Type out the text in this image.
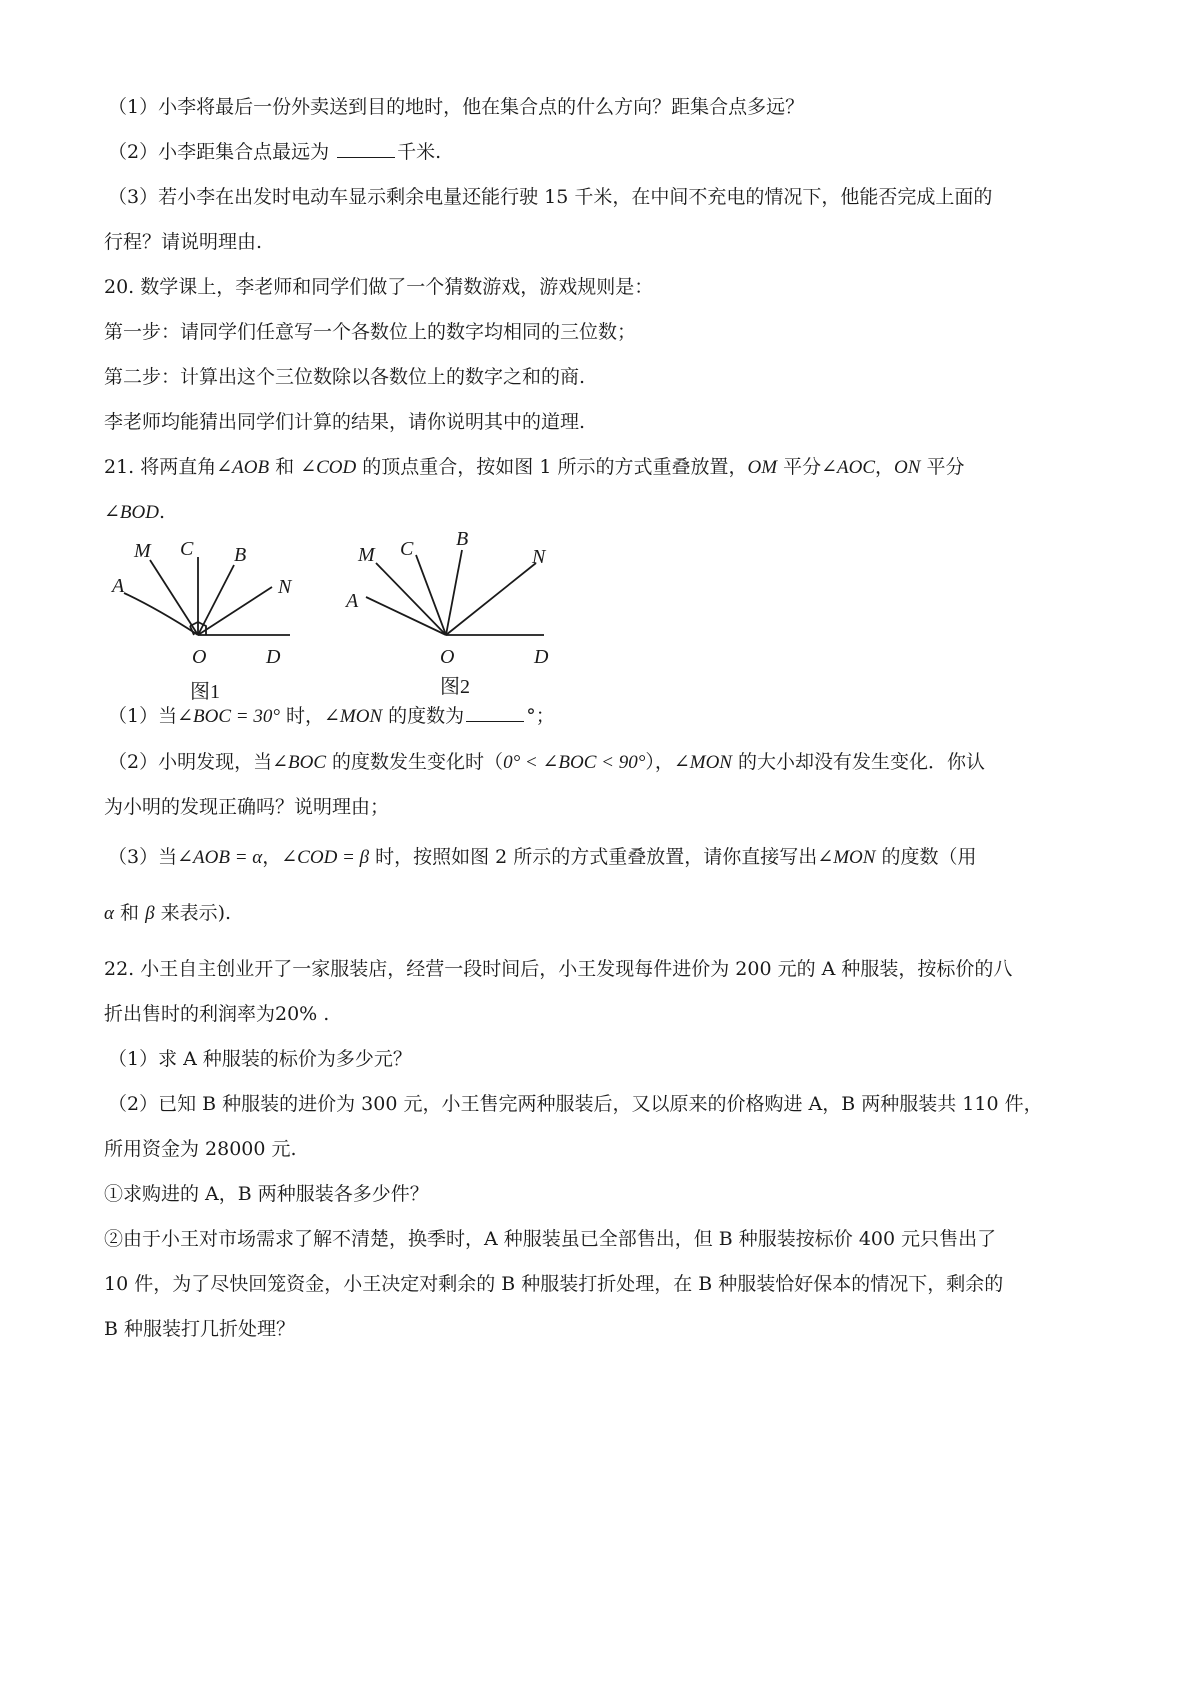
（1）小李将最后一份外卖送到目的地时，他在集合点的什么方向？距集合点多远？
（2）小李距集合点最远为	千米.
（3）若小李在出发时电动车显示剩余电量还能行驶 15 千米，在中间不充电的情况下，他能否完成上面的
行程？请说明理由.
20. 数学课上，李老师和同学们做了一个猜数游戏，游戏规则是：
第一步：请同学们任意写一个各数位上的数字均相同的三位数；
第二步：计算出这个三位数除以各数位上的数字之和的商.
李老师均能猜出同学们计算的结果，请你说明其中的道理.
21. 将两直角∠AOB 和 ∠COD 的顶点重合，按如图 1 所示的方式重叠放置，OM 平分∠AOC，ON 平分
∠BOD.
A
M C B
N
O	D
图1
M C B
N
A
O	D
图2
（1）当∠BOC = 30° 时，∠MON 的度数为	°；
（2）小明发现，当∠BOC 的度数发生变化时（0° < ∠BOC < 90°），∠MON 的大小却没有发生变化．你认
为小明的发现正确吗？说明理由；
（3）当∠AOB = α，∠COD = β 时，按照如图 2 所示的方式重叠放置，请你直接写出∠MON 的度数（用
α 和 β 来表示).
22. 小王自主创业开了一家服装店，经营一段时间后，小王发现每件进价为 200 元的 A 种服装，按标价的八
折出售时的利润率为20% .
（1）求 A 种服装的标价为多少元？
（2）已知 B 种服装的进价为 300 元，小王售完两种服装后，又以原来的价格购进 A，B 两种服装共 110 件，
所用资金为 28000 元.
①求购进的 A，B 两种服装各多少件？
②由于小王对市场需求了解不清楚，换季时，A 种服装虽已全部售出，但 B 种服装按标价 400 元只售出了
10 件，为了尽快回笼资金，小王决定对剩余的 B 种服装打折处理，在 B 种服装恰好保本的情况下，剩余的
B 种服装打几折处理？
